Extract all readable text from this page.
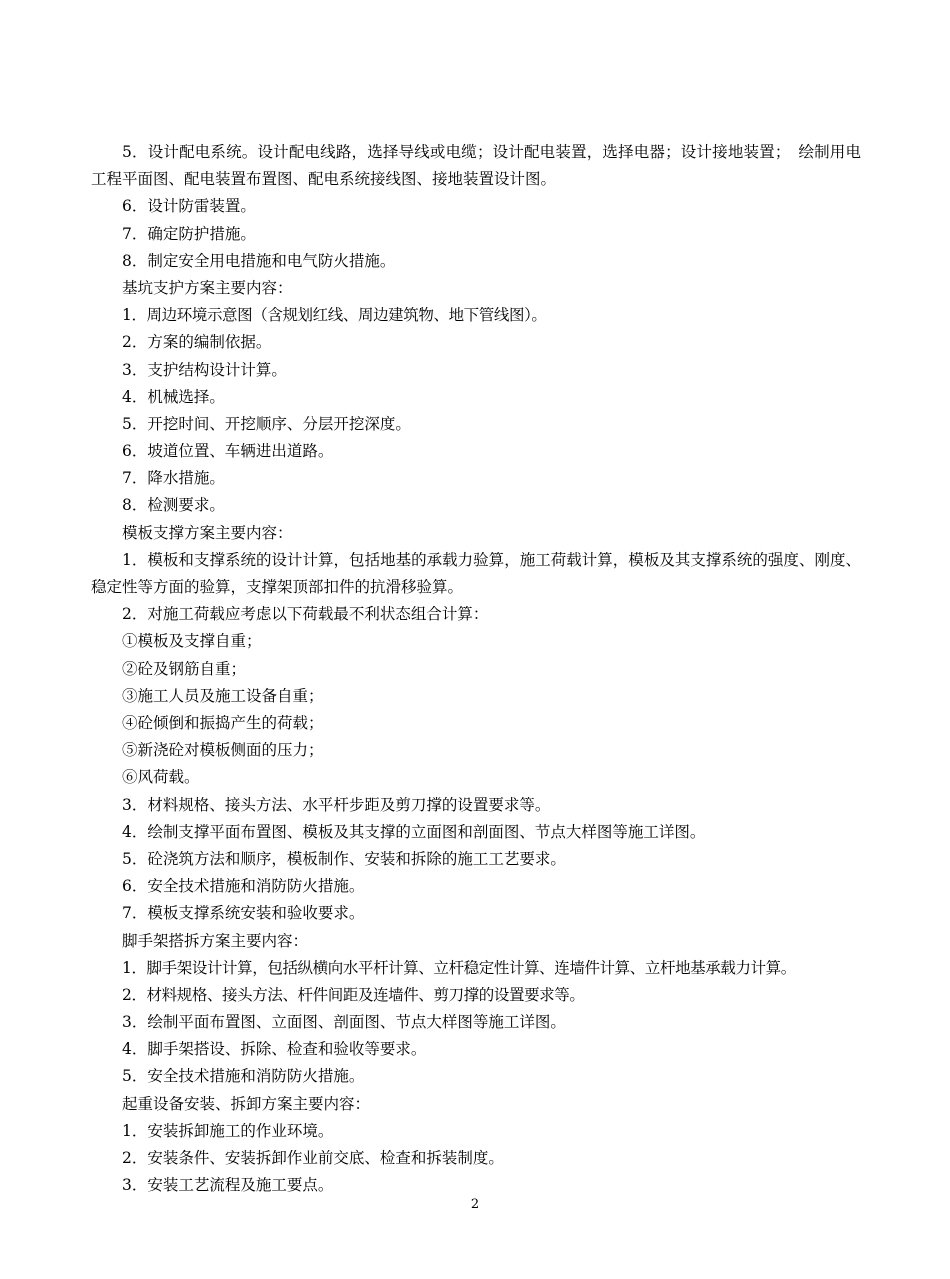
5．设计配电系统。设计配电线路，选择导线或电缆；设计配电装置，选择电器；设计接地装置；　绘制用电工程平面图、配电装置布置图、配电系统接线图、接地装置设计图。
6．设计防雷装置。
7．确定防护措施。
8．制定安全用电措施和电气防火措施。
基坑支护方案主要内容：
1．周边环境示意图（含规划红线、周边建筑物、地下管线图）。
2．方案的编制依据。
3．支护结构设计计算。
4．机械选择。
5．开挖时间、开挖顺序、分层开挖深度。
6．坡道位置、车辆进出道路。
7．降水措施。
8．检测要求。
模板支撑方案主要内容：
1．模板和支撑系统的设计计算，包括地基的承载力验算，施工荷载计算，模板及其支撑系统的强度、刚度、稳定性等方面的验算，支撑架顶部扣件的抗滑移验算。
2．对施工荷载应考虑以下荷载最不利状态组合计算：
①模板及支撑自重；
②砼及钢筋自重；
③施工人员及施工设备自重；
④砼倾倒和振捣产生的荷载；
⑤新浇砼对模板侧面的压力；
⑥风荷载。
3．材料规格、接头方法、水平杆步距及剪刀撑的设置要求等。
4．绘制支撑平面布置图、模板及其支撑的立面图和剖面图、节点大样图等施工详图。
5．砼浇筑方法和顺序，模板制作、安装和拆除的施工工艺要求。
6．安全技术措施和消防防火措施。
7．模板支撑系统安装和验收要求。
脚手架搭拆方案主要内容：
1．脚手架设计计算，包括纵横向水平杆计算、立杆稳定性计算、连墙件计算、立杆地基承载力计算。
2．材料规格、接头方法、杆件间距及连墙件、剪刀撑的设置要求等。
3．绘制平面布置图、立面图、剖面图、节点大样图等施工详图。
4．脚手架搭设、拆除、检查和验收等要求。
5．安全技术措施和消防防火措施。
起重设备安装、拆卸方案主要内容：
1．安装拆卸施工的作业环境。
2．安装条件、安装拆卸作业前交底、检查和拆装制度。
3．安装工艺流程及施工要点。
2
